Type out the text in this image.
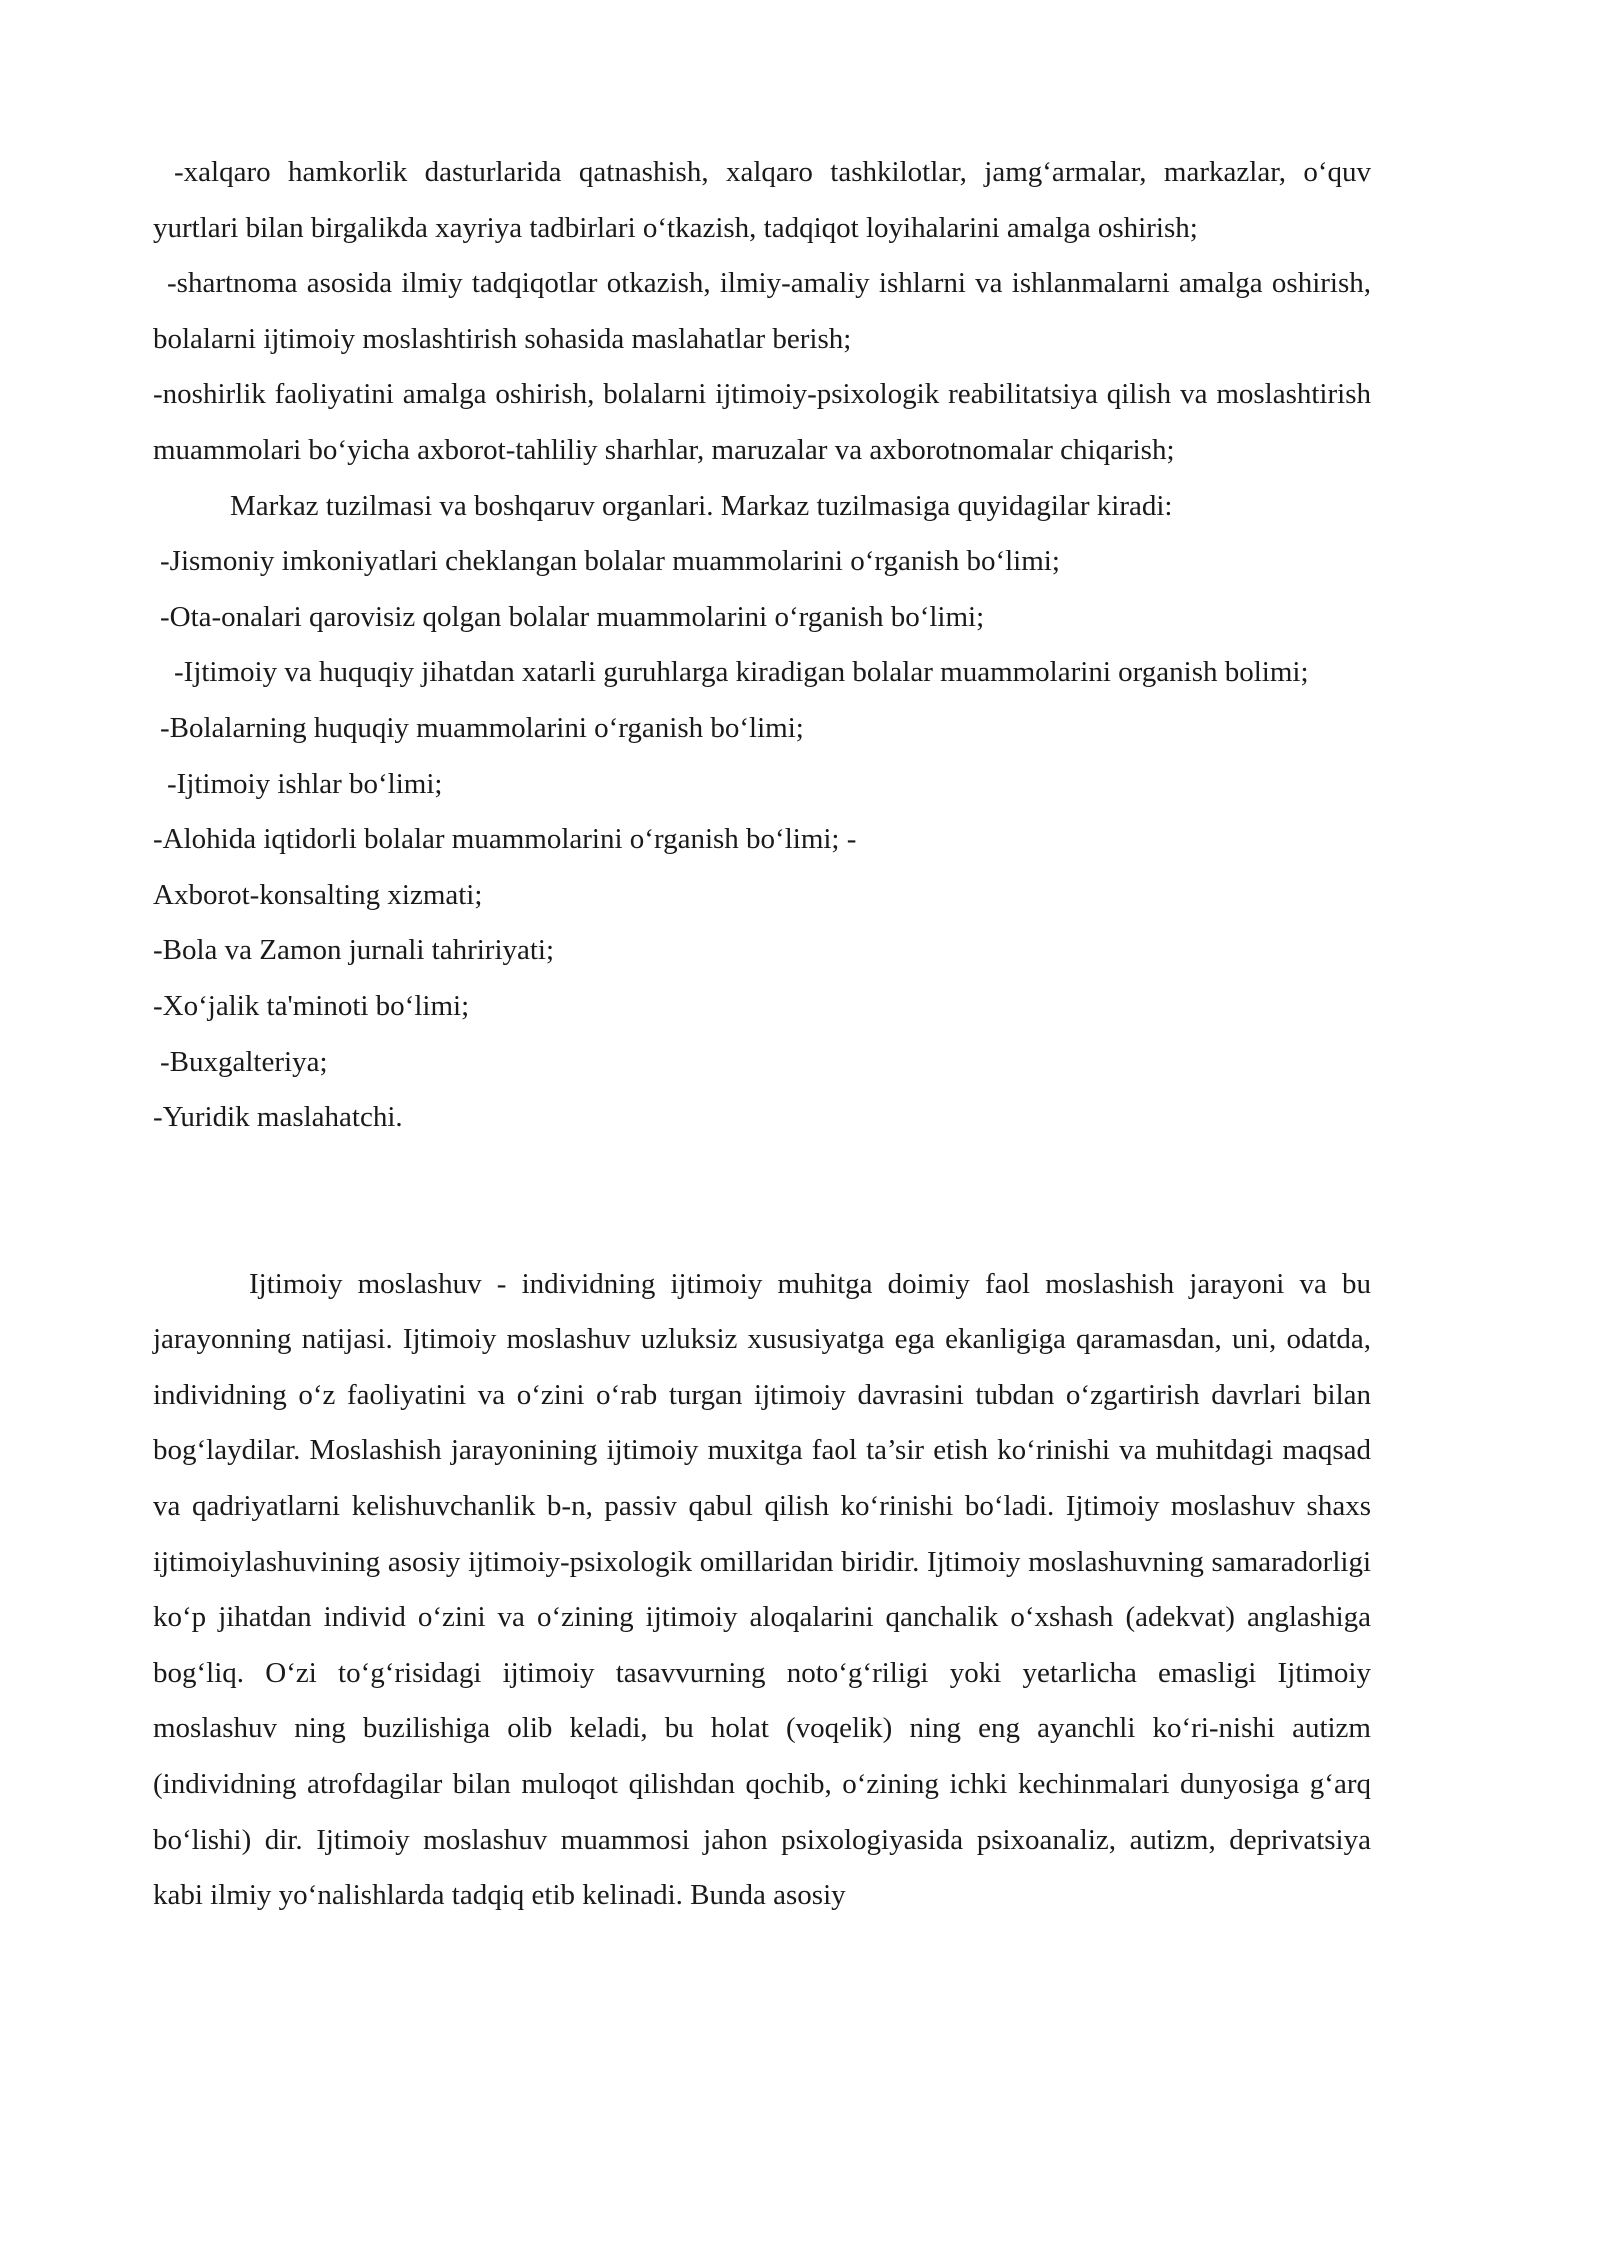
-xalqaro hamkorlik dasturlarida qatnashish, xalqaro tashkilotlar, jamg‘armalar, markazlar, o‘quv yurtlari bilan birgalikda xayriya tadbirlari o‘tkazish, tadqiqot loyihalarini amalga oshirish;

-shartnoma asosida ilmiy tadqiqotlar otkazish, ilmiy-amaliy ishlarni va ishlanmalarni amalga oshirish, bolalarni ijtimoiy moslashtirish sohasida maslahatlar berish;

-noshirlik faoliyatini amalga oshirish, bolalarni ijtimoiy-psixologik reabilitatsiya qilish va moslashtirish muammolari bo‘yicha axborot-tahliliy sharhlar, maruzalar va axborotnomalar chiqarish;

Markaz tuzilmasi va boshqaruv organlari. Markaz tuzilmasiga quyidagilar kiradi:

-Jismoniy imkoniyatlari cheklangan bolalar muammolarini o‘rganish bo‘limi;

-Ota-onalari qarovisiz qolgan bolalar muammolarini o‘rganish bo‘limi;

-Ijtimoiy va huquqiy jihatdan xatarli guruhlarga kiradigan bolalar muammolarini organish bolimi;

-Bolalarning huquqiy muammolarini o‘rganish bo‘limi;

-Ijtimoiy ishlar bo‘limi;

-Alohida iqtidorli bolalar muammolarini o‘rganish bo‘limi; -

Axborot-konsalting xizmati;

-Bola va Zamon jurnali tahririyati;

-Xo‘jalik ta'minoti bo‘limi;

-Buxgalteriya;

-Yuridik maslahatchi.

Ijtimoiy moslashuv - individning ijtimoiy muhitga doimiy faol moslashish jarayoni va bu jarayonning natijasi. Ijtimoiy moslashuv uzluksiz xususiyatga ega ekanligiga qaramasdan, uni, odatda, individning o‘z faoliyatini va o‘zini o‘rab turgan ijtimoiy davrasini tubdan o‘zgartirish davrlari bilan bog‘laydilar. Moslashish jarayonining ijtimoiy muxitga faol ta’sir etish ko‘rinishi va muhitdagi maqsad va qadriyatlarni kelishuvchanlik b-n, passiv qabul qilish ko‘rinishi bo‘ladi. Ijtimoiy moslashuv shaxs ijtimoiylashuvining asosiy ijtimoiy-psixologik omillaridan biridir. Ijtimoiy moslashuvning samaradorligi ko‘p jihatdan individ o‘zini va o‘zining ijtimoiy aloqalarini qanchalik o‘xshash (adekvat) anglashiga bog‘liq. O‘zi to‘g‘risidagi ijtimoiy tasavvurning noto‘g‘riligi yoki yetarlicha emasligi Ijtimoiy moslashuv ning buzilishiga olib keladi, bu holat (voqelik) ning eng ayanchli ko‘ri-nishi autizm (individning atrofdagilar bilan muloqot qilishdan qochib, o‘zining ichki kechinmalari dunyosiga g‘arq bo‘lishi) dir. Ijtimoiy moslashuv muammosi jahon psixologiyasida psixoanaliz, autizm, deprivatsiya kabi ilmiy yo‘nalishlarda tadqiq etib kelinadi. Bunda asosiy
